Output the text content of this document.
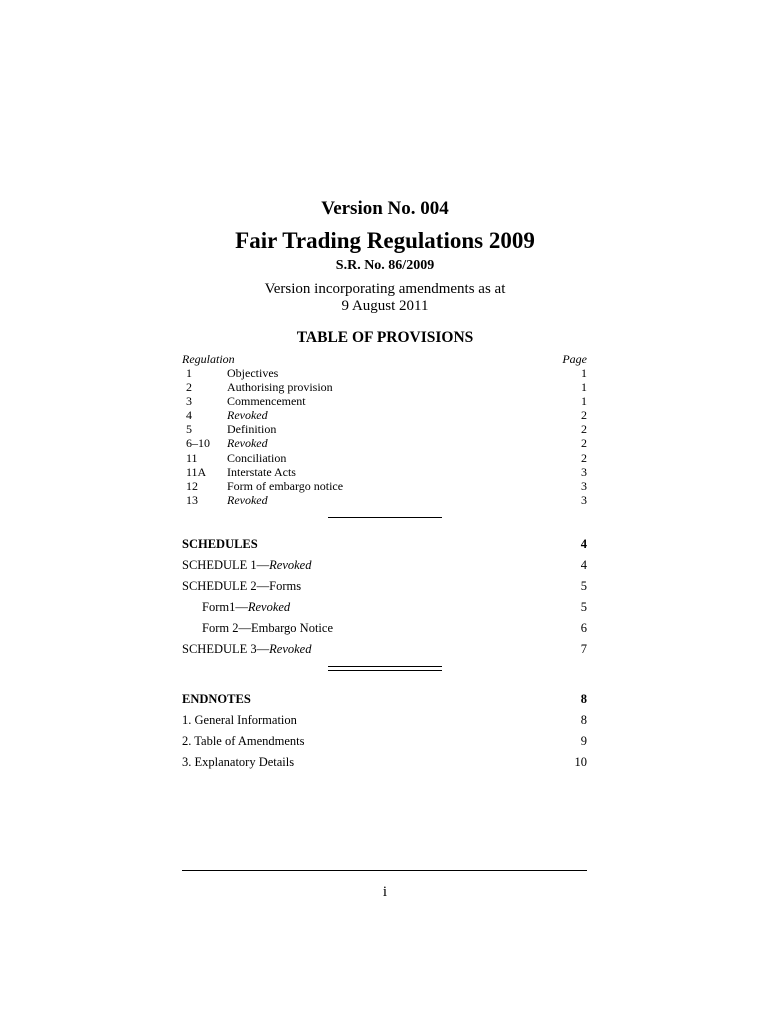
Version No. 004
Fair Trading Regulations 2009
S.R. No. 86/2009
Version incorporating amendments as at
9 August 2011
TABLE OF PROVISIONS
Regulation	Page
1	Objectives	1
2	Authorising provision	1
3	Commencement	1
4	Revoked	2
5	Definition	2
6–10	Revoked	2
11	Conciliation	2
11A	Interstate Acts	3
12	Form of embargo notice	3
13	Revoked	3
SCHEDULES	4
SCHEDULE 1—Revoked	4
SCHEDULE 2—Forms	5
Form1—Revoked	5
Form 2—Embargo Notice	6
SCHEDULE 3—Revoked	7
ENDNOTES	8
1. General Information	8
2. Table of Amendments	9
3. Explanatory Details	10
i
